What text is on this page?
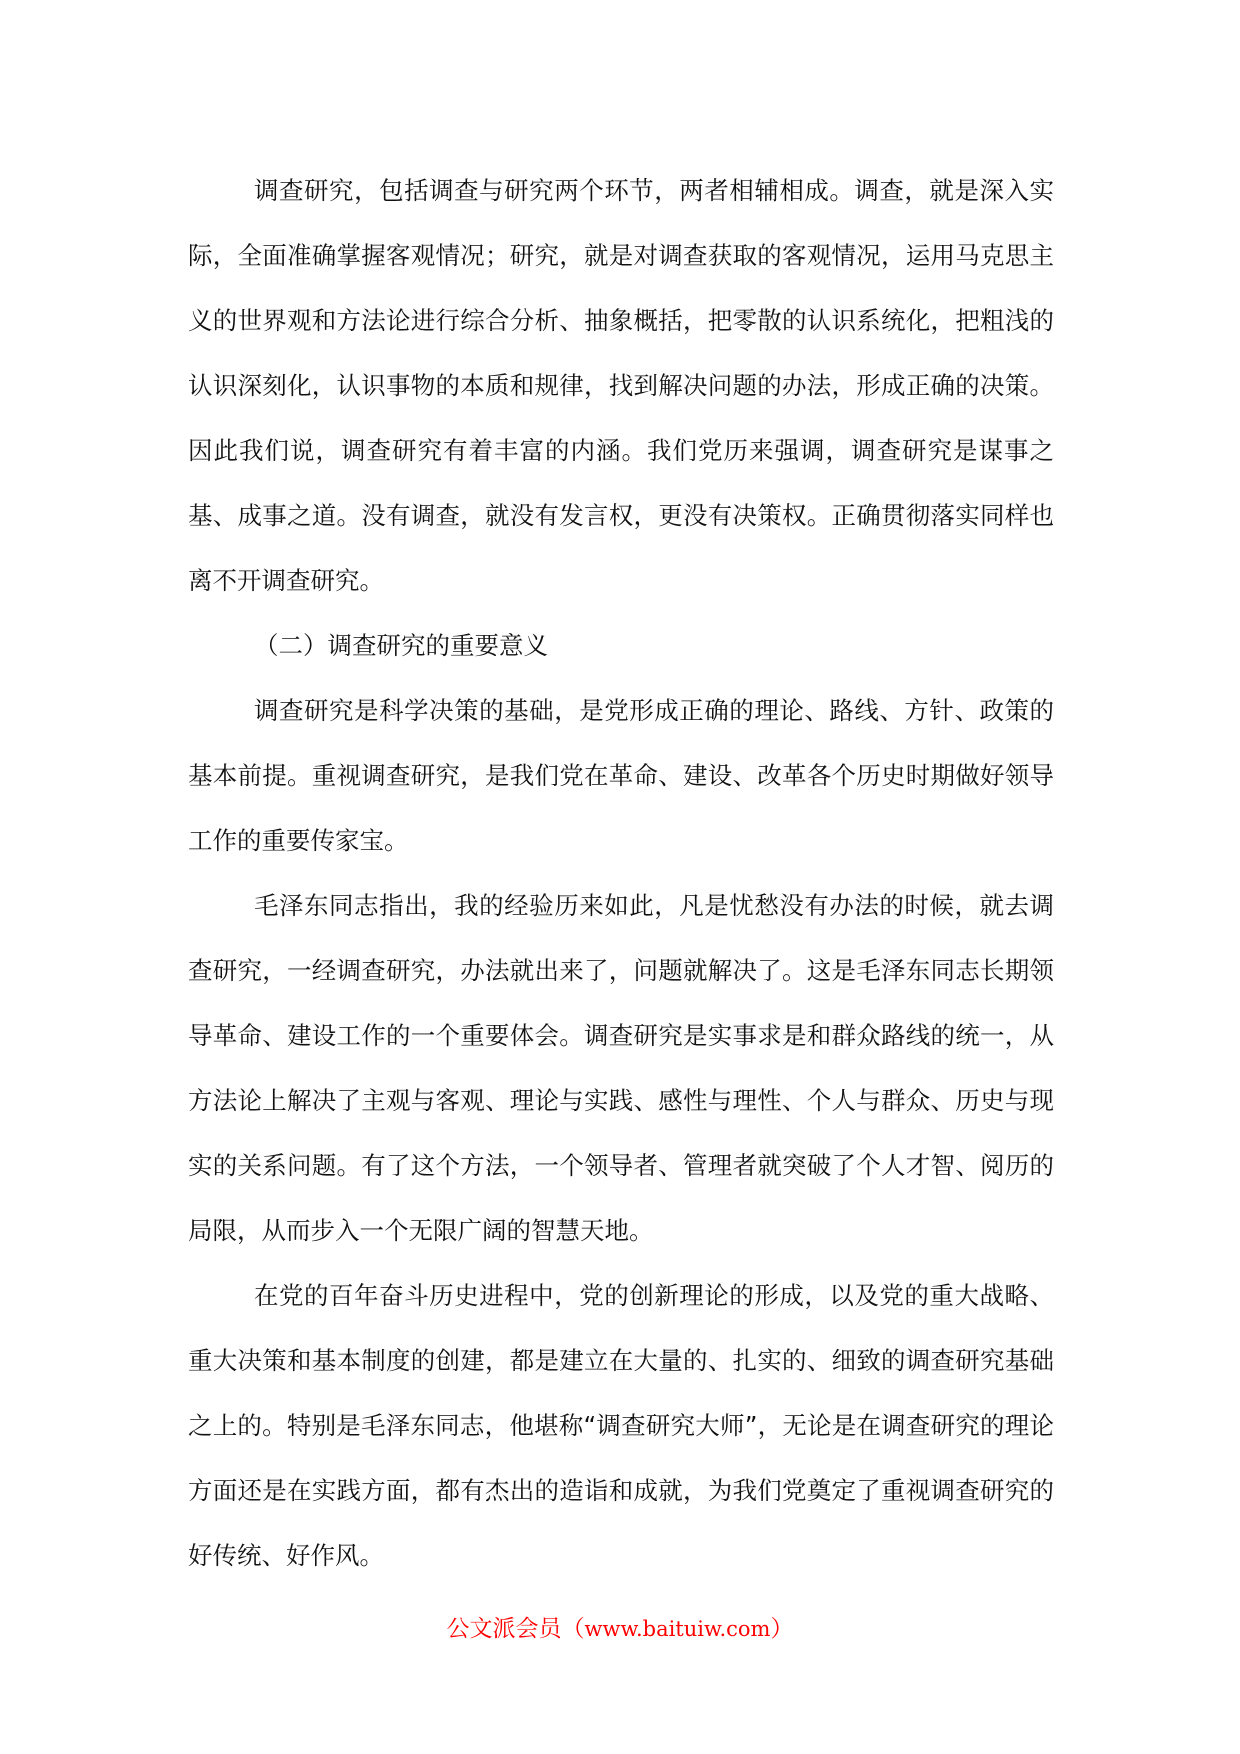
调查研究，包括调查与研究两个环节，两者相辅相成。调查，就是深入实际，全面准确掌握客观情况；研究，就是对调查获取的客观情况，运用马克思主义的世界观和方法论进行综合分析、抽象概括，把零散的认识系统化，把粗浅的认识深刻化，认识事物的本质和规律，找到解决问题的办法，形成正确的决策。因此我们说，调查研究有着丰富的内涵。我们党历来强调，调查研究是谋事之基、成事之道。没有调查，就没有发言权，更没有决策权。正确贯彻落实同样也离不开调查研究。

（二）调查研究的重要意义

调查研究是科学决策的基础，是党形成正确的理论、路线、方针、政策的基本前提。重视调查研究，是我们党在革命、建设、改革各个历史时期做好领导工作的重要传家宝。

毛泽东同志指出，我的经验历来如此，凡是忧愁没有办法的时候，就去调查研究，一经调查研究，办法就出来了，问题就解决了。这是毛泽东同志长期领导革命、建设工作的一个重要体会。调查研究是实事求是和群众路线的统一，从方法论上解决了主观与客观、理论与实践、感性与理性、个人与群众、历史与现实的关系问题。有了这个方法，一个领导者、管理者就突破了个人才智、阅历的局限，从而步入一个无限广阔的智慧天地。

在党的百年奋斗历史进程中，党的创新理论的形成，以及党的重大战略、重大决策和基本制度的创建，都是建立在大量的、扎实的、细致的调查研究基础之上的。特别是毛泽东同志，他堪称“调查研究大师”，无论是在调查研究的理论方面还是在实践方面，都有杰出的造诣和成就，为我们党奠定了重视调查研究的好传统、好作风。

公文派会员（www.baituiw.com）
